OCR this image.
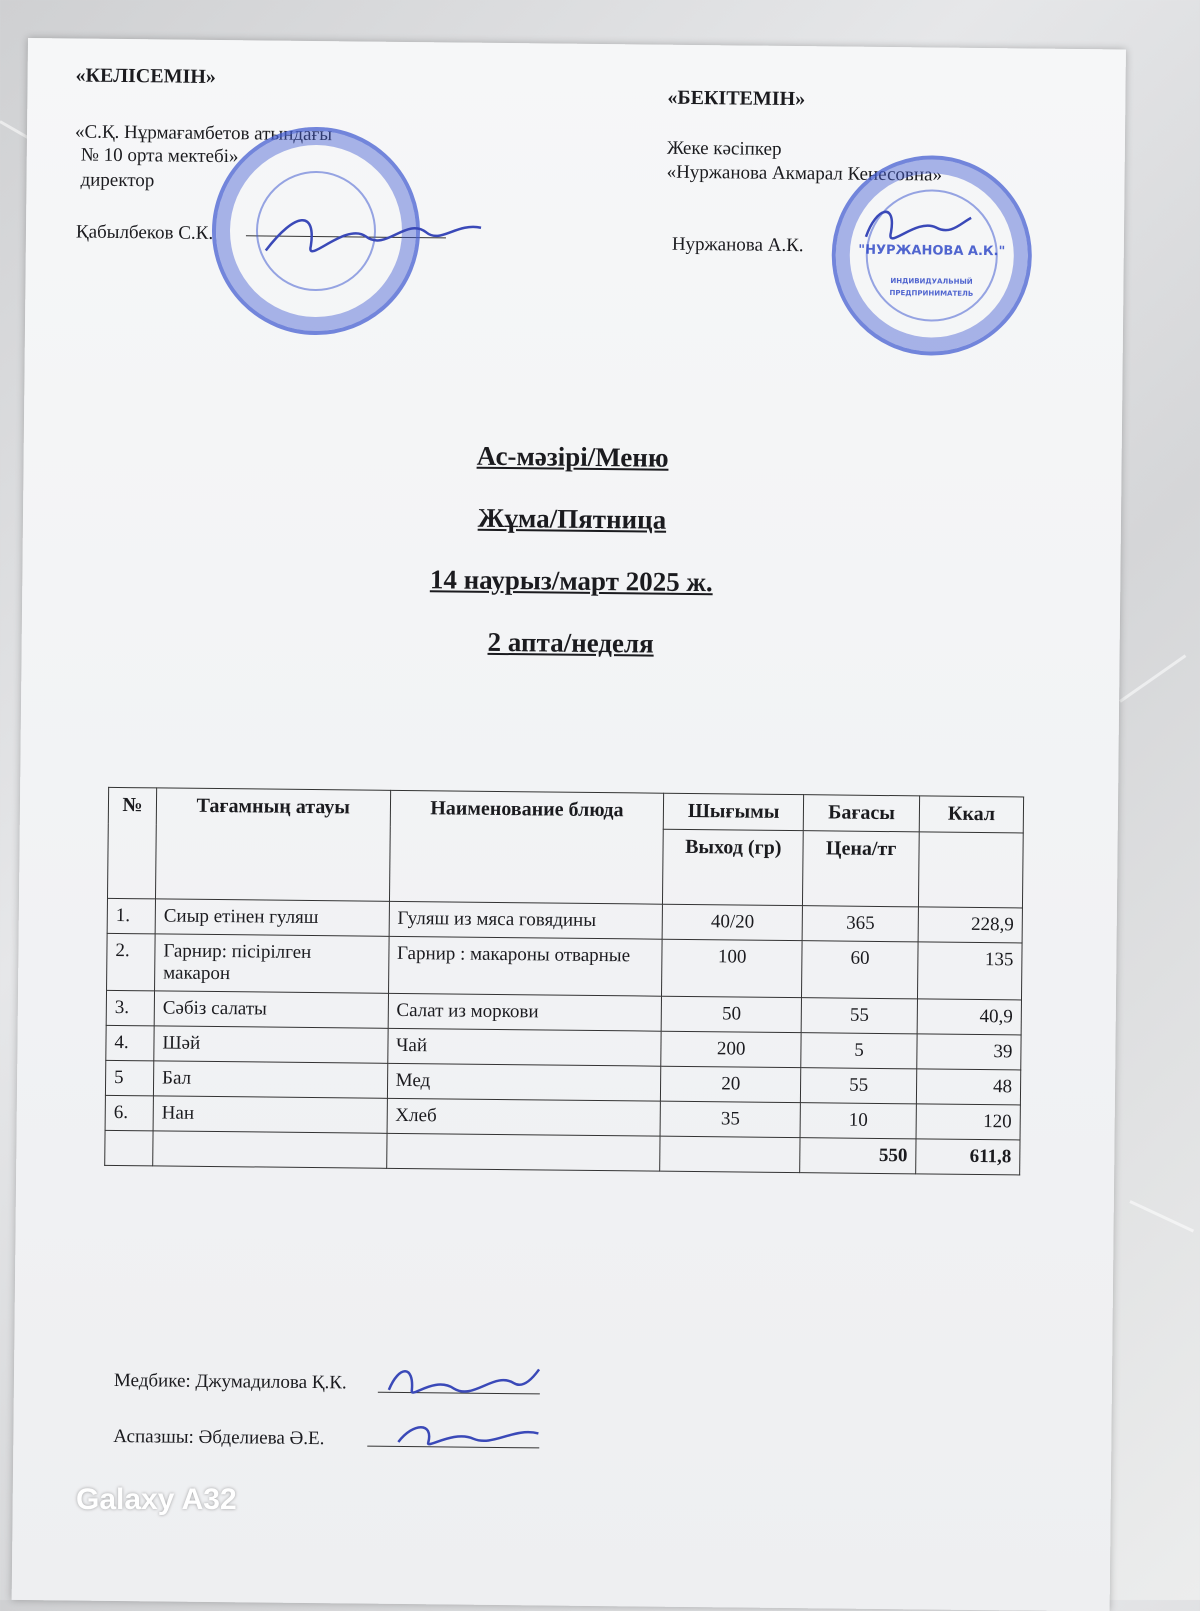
«КЕЛІСЕМІН»
«С.Қ. Нұрмағамбетов атындағы
№ 10 орта мектебі»
директор
Қабылбеков С.К.
«БЕКІТЕМІН»
Жеке кәсіпкер
«Нуржанова Акмарал Кенесовна»
Нуржанова А.К.	"НУРЖАНОВА А.К."
ИНДИВИДУАЛЬНЫЙ
ПРЕДПРИНИМАТЕЛЬ
Ас-мәзірі/Меню
Жұма/Пятница
14 наурыз/март 2025 ж.
2 апта/неделя
№	Тағамның атауы	Наименование блюда	Шығымы	Бағасы	Ккал
			Выход (гр)	Цена/тг	
1.	Сиыр етінен гуляш	Гуляш из мяса говядины	40/20	365	228,9
2.	Гарнир: пісірілген макарон	Гарнир : макароны отварные	100	60	135
3.	Сәбіз салаты	Салат из моркови	50	55	40,9
4.	Шәй	Чай	200	5	39
5	Бал	Мед	20	55	48
6.	Нан	Хлеб	35	10	120
				550	611,8
Медбике: Джумадилова Қ.К.
Аспазшы: Әбделиева Ә.Е.
Galaxy A32
